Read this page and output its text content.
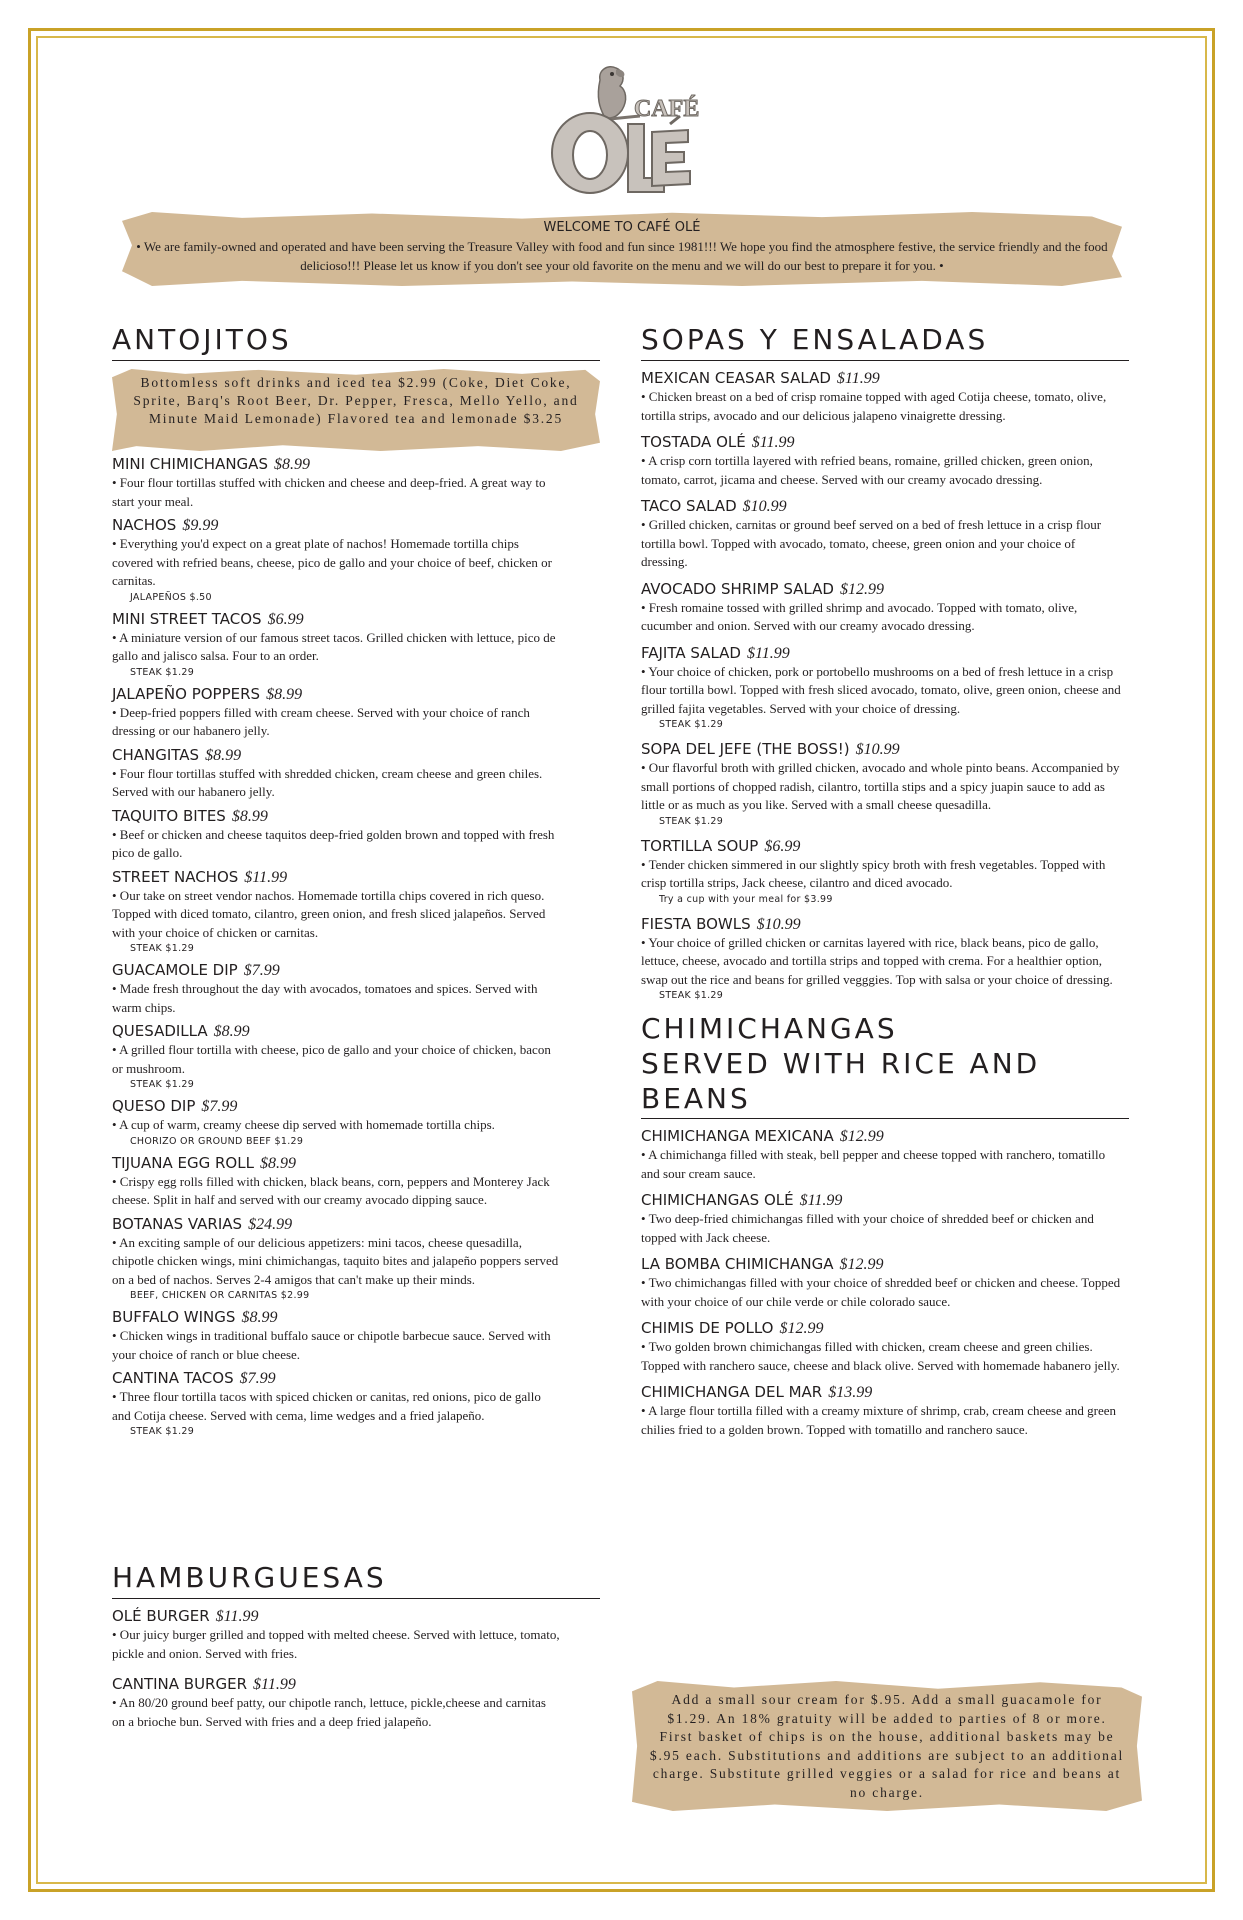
CAFÉ
WELCOME TO CAFÉ OLÉ
• We are family-owned and operated and have been serving the Treasure Valley with food and fun since 1981!!! We hope you find the atmosphere festive, the service friendly and the food delicioso!!! Please let us know if you don't see your old favorite on the menu and we will do our best to prepare it for you. •
ANTOJITOS
Bottomless soft drinks and iced tea $2.99 (Coke, Diet Coke, Sprite, Barq's Root Beer, Dr. Pepper, Fresca, Mello Yello, and Minute Maid Lemonade) Flavored tea and lemonade $3.25
MINI CHIMICHANGAS $8.99
• Four flour tortillas stuffed with chicken and cheese and deep-fried. A great way to start your meal.
NACHOS $9.99
• Everything you'd expect on a great plate of nachos! Homemade tortilla chips covered with refried beans, cheese, pico de gallo and your choice of beef, chicken or carnitas.
JALAPEÑOS $.50
MINI STREET TACOS $6.99
• A miniature version of our famous street tacos. Grilled chicken with lettuce, pico de gallo and jalisco salsa. Four to an order.
STEAK $1.29
JALAPEÑO POPPERS $8.99
• Deep-fried poppers filled with cream cheese. Served with your choice of ranch dressing or our habanero jelly.
CHANGITAS $8.99
• Four flour tortillas stuffed with shredded chicken, cream cheese and green chiles. Served with our habanero jelly.
TAQUITO BITES $8.99
• Beef or chicken and cheese taquitos deep-fried golden brown and topped with fresh pico de gallo.
STREET NACHOS $11.99
• Our take on street vendor nachos. Homemade tortilla chips covered in rich queso. Topped with diced tomato, cilantro, green onion, and fresh sliced jalapeños. Served with your choice of chicken or carnitas.
STEAK $1.29
GUACAMOLE DIP $7.99
• Made fresh throughout the day with avocados, tomatoes and spices. Served with warm chips.
QUESADILLA $8.99
• A grilled flour tortilla with cheese, pico de gallo and your choice of chicken, bacon or mushroom.
STEAK $1.29
QUESO DIP $7.99
• A cup of warm, creamy cheese dip served with homemade tortilla chips.
CHORIZO OR GROUND BEEF $1.29
TIJUANA EGG ROLL $8.99
• Crispy egg rolls filled with chicken, black beans, corn, peppers and Monterey Jack cheese. Split in half and served with our creamy avocado dipping sauce.
BOTANAS VARIAS $24.99
• An exciting sample of our delicious appetizers: mini tacos, cheese quesadilla, chipotle chicken wings, mini chimichangas, taquito bites and jalapeño poppers served on a bed of nachos. Serves 2-4 amigos that can't make up their minds.
BEEF, CHICKEN OR CARNITAS $2.99
BUFFALO WINGS $8.99
• Chicken wings in traditional buffalo sauce or chipotle barbecue sauce. Served with your choice of ranch or blue cheese.
CANTINA TACOS $7.99
• Three flour tortilla tacos with spiced chicken or canitas, red onions, pico de gallo and Cotija cheese. Served with cema, lime wedges and a fried jalapeño.
STEAK $1.29
HAMBURGUESAS
OLÉ BURGER $11.99
• Our juicy burger grilled and topped with melted cheese. Served with lettuce, tomato, pickle and onion. Served with fries.
CANTINA BURGER $11.99
• An 80/20 ground beef patty, our chipotle ranch, lettuce, pickle,cheese and carnitas on a brioche bun. Served with fries and a deep fried jalapeño.
SOPAS Y ENSALADAS
MEXICAN CEASAR SALAD $11.99
• Chicken breast on a bed of crisp romaine topped with aged Cotija cheese, tomato, olive, tortilla strips, avocado and our delicious jalapeno vinaigrette dressing.
TOSTADA OLÉ $11.99
• A crisp corn tortilla layered with refried beans, romaine, grilled chicken, green onion, tomato, carrot, jicama and cheese. Served with our creamy avocado dressing.
TACO SALAD $10.99
• Grilled chicken, carnitas or ground beef served on a bed of fresh lettuce in a crisp flour tortilla bowl. Topped with avocado, tomato, cheese, green onion and your choice of dressing.
AVOCADO SHRIMP SALAD $12.99
• Fresh romaine tossed with grilled shrimp and avocado. Topped with tomato, olive, cucumber and onion. Served with our creamy avocado dressing.
FAJITA SALAD $11.99
• Your choice of chicken, pork or portobello mushrooms on a bed of fresh lettuce in a crisp flour tortilla bowl. Topped with fresh sliced avocado, tomato, olive, green onion, cheese and grilled fajita vegetables. Served with your choice of dressing.
STEAK $1.29
SOPA DEL JEFE (THE BOSS!) $10.99
• Our flavorful broth with grilled chicken, avocado and whole pinto beans. Accompanied by small portions of chopped radish, cilantro, tortilla stips and a spicy juapin sauce to add as little or as much as you like. Served with a small cheese quesadilla.
STEAK $1.29
TORTILLA SOUP $6.99
• Tender chicken simmered in our slightly spicy broth with fresh vegetables. Topped with crisp tortilla strips, Jack cheese, cilantro and diced avocado.
Try a cup with your meal for $3.99
FIESTA BOWLS $10.99
• Your choice of grilled chicken or carnitas layered with rice, black beans, pico de gallo, lettuce, cheese, avocado and tortilla strips and topped with crema. For a healthier option, swap out the rice and beans for grilled vegggies. Top with salsa or your choice of dressing.
STEAK $1.29
CHIMICHANGAS
SERVED WITH RICE AND BEANS
CHIMICHANGA MEXICANA $12.99
• A chimichanga filled with steak, bell pepper and cheese topped with ranchero, tomatillo and sour cream sauce.
CHIMICHANGAS OLÉ $11.99
• Two deep-fried chimichangas filled with your choice of shredded beef or chicken and topped with Jack cheese.
LA BOMBA CHIMICHANGA $12.99
• Two chimichangas filled with your choice of shredded beef or chicken and cheese. Topped with your choice of our chile verde or chile colorado sauce.
CHIMIS DE POLLO $12.99
• Two golden brown chimichangas filled with chicken, cream cheese and green chilies. Topped with ranchero sauce, cheese and black olive. Served with homemade habanero jelly.
CHIMICHANGA DEL MAR $13.99
• A large flour tortilla filled with a creamy mixture of shrimp, crab, cream cheese and green chilies fried to a golden brown. Topped with tomatillo and ranchero sauce.
Add a small sour cream for $.95. Add a small guacamole for $1.29. An 18% gratuity will be added to parties of 8 or more. First basket of chips is on the house, additional baskets may be $.95 each. Substitutions and additions are subject to an additional charge. Substitute grilled veggies or a salad for rice and beans at no charge.
